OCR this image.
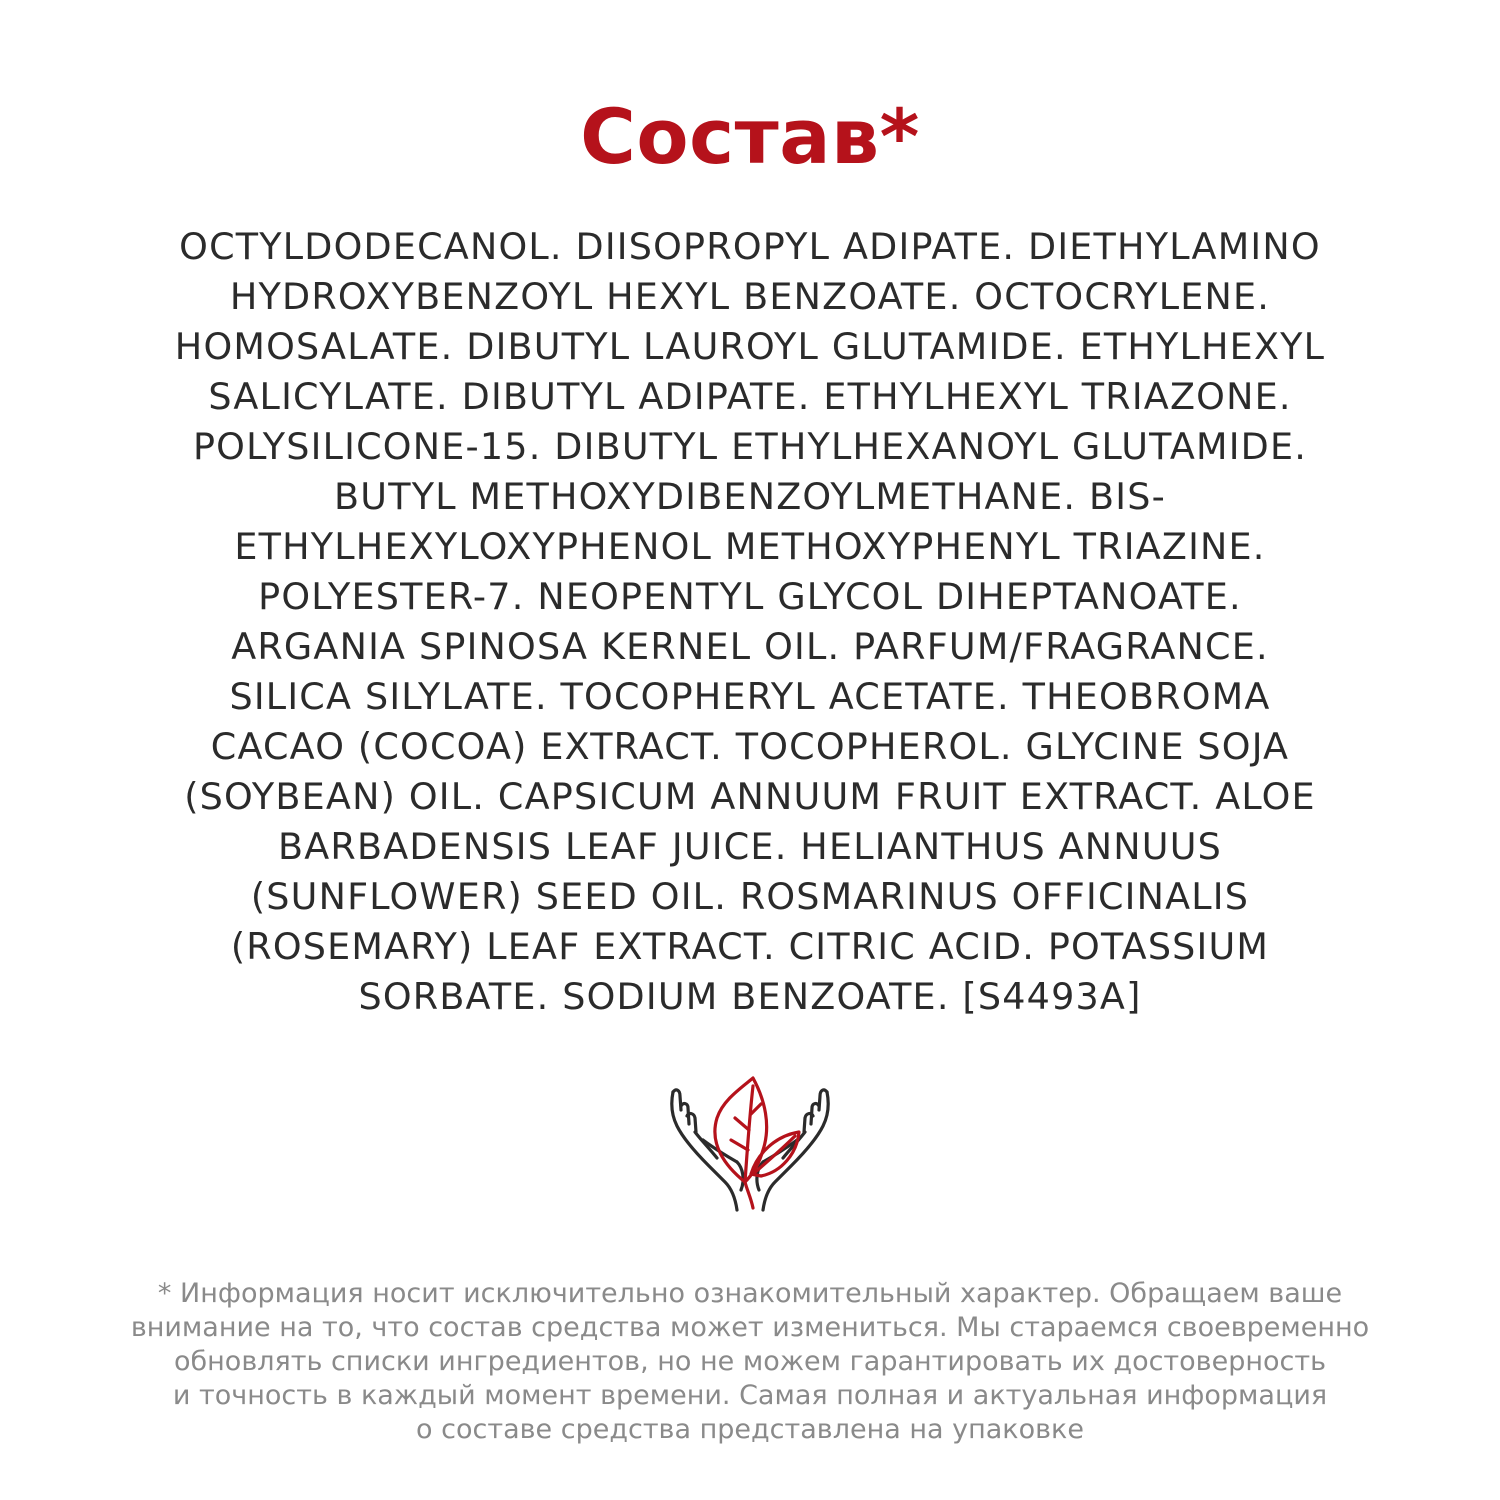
Состав*
OCTYLDODECANOL. DIISOPROPYL ADIPATE. DIETHYLAMINO
HYDROXYBENZOYL HEXYL BENZOATE. OCTOCRYLENE.
HOMOSALATE. DIBUTYL LAUROYL GLUTAMIDE. ETHYLHEXYL
SALICYLATE. DIBUTYL ADIPATE. ETHYLHEXYL TRIAZONE.
POLYSILICONE-15. DIBUTYL ETHYLHEXANOYL GLUTAMIDE.
BUTYL METHOXYDIBENZOYLMETHANE. BIS-
ETHYLHEXYLOXYPHENOL METHOXYPHENYL TRIAZINE.
POLYESTER-7. NEOPENTYL GLYCOL DIHEPTANOATE.
ARGANIA SPINOSA KERNEL OIL. PARFUM/FRAGRANCE.
SILICA SILYLATE. TOCOPHERYL ACETATE. THEOBROMA
CACAO (COCOA) EXTRACT. TOCOPHEROL. GLYCINE SOJA
(SOYBEAN) OIL. CAPSICUM ANNUUM FRUIT EXTRACT. ALOE
BARBADENSIS LEAF JUICE. HELIANTHUS ANNUUS
(SUNFLOWER) SEED OIL. ROSMARINUS OFFICINALIS
(ROSEMARY) LEAF EXTRACT. CITRIC ACID. POTASSIUM
SORBATE. SODIUM BENZOATE. [S4493A]
* Информация носит исключительно ознакомительный характер. Обращаем ваше
внимание на то, что состав средства может измениться. Мы стараемся своевременно
обновлять списки ингредиентов, но не можем гарантировать их достоверность
и точность в каждый момент времени. Самая полная и актуальная информация
о составе средства представлена на упаковке
